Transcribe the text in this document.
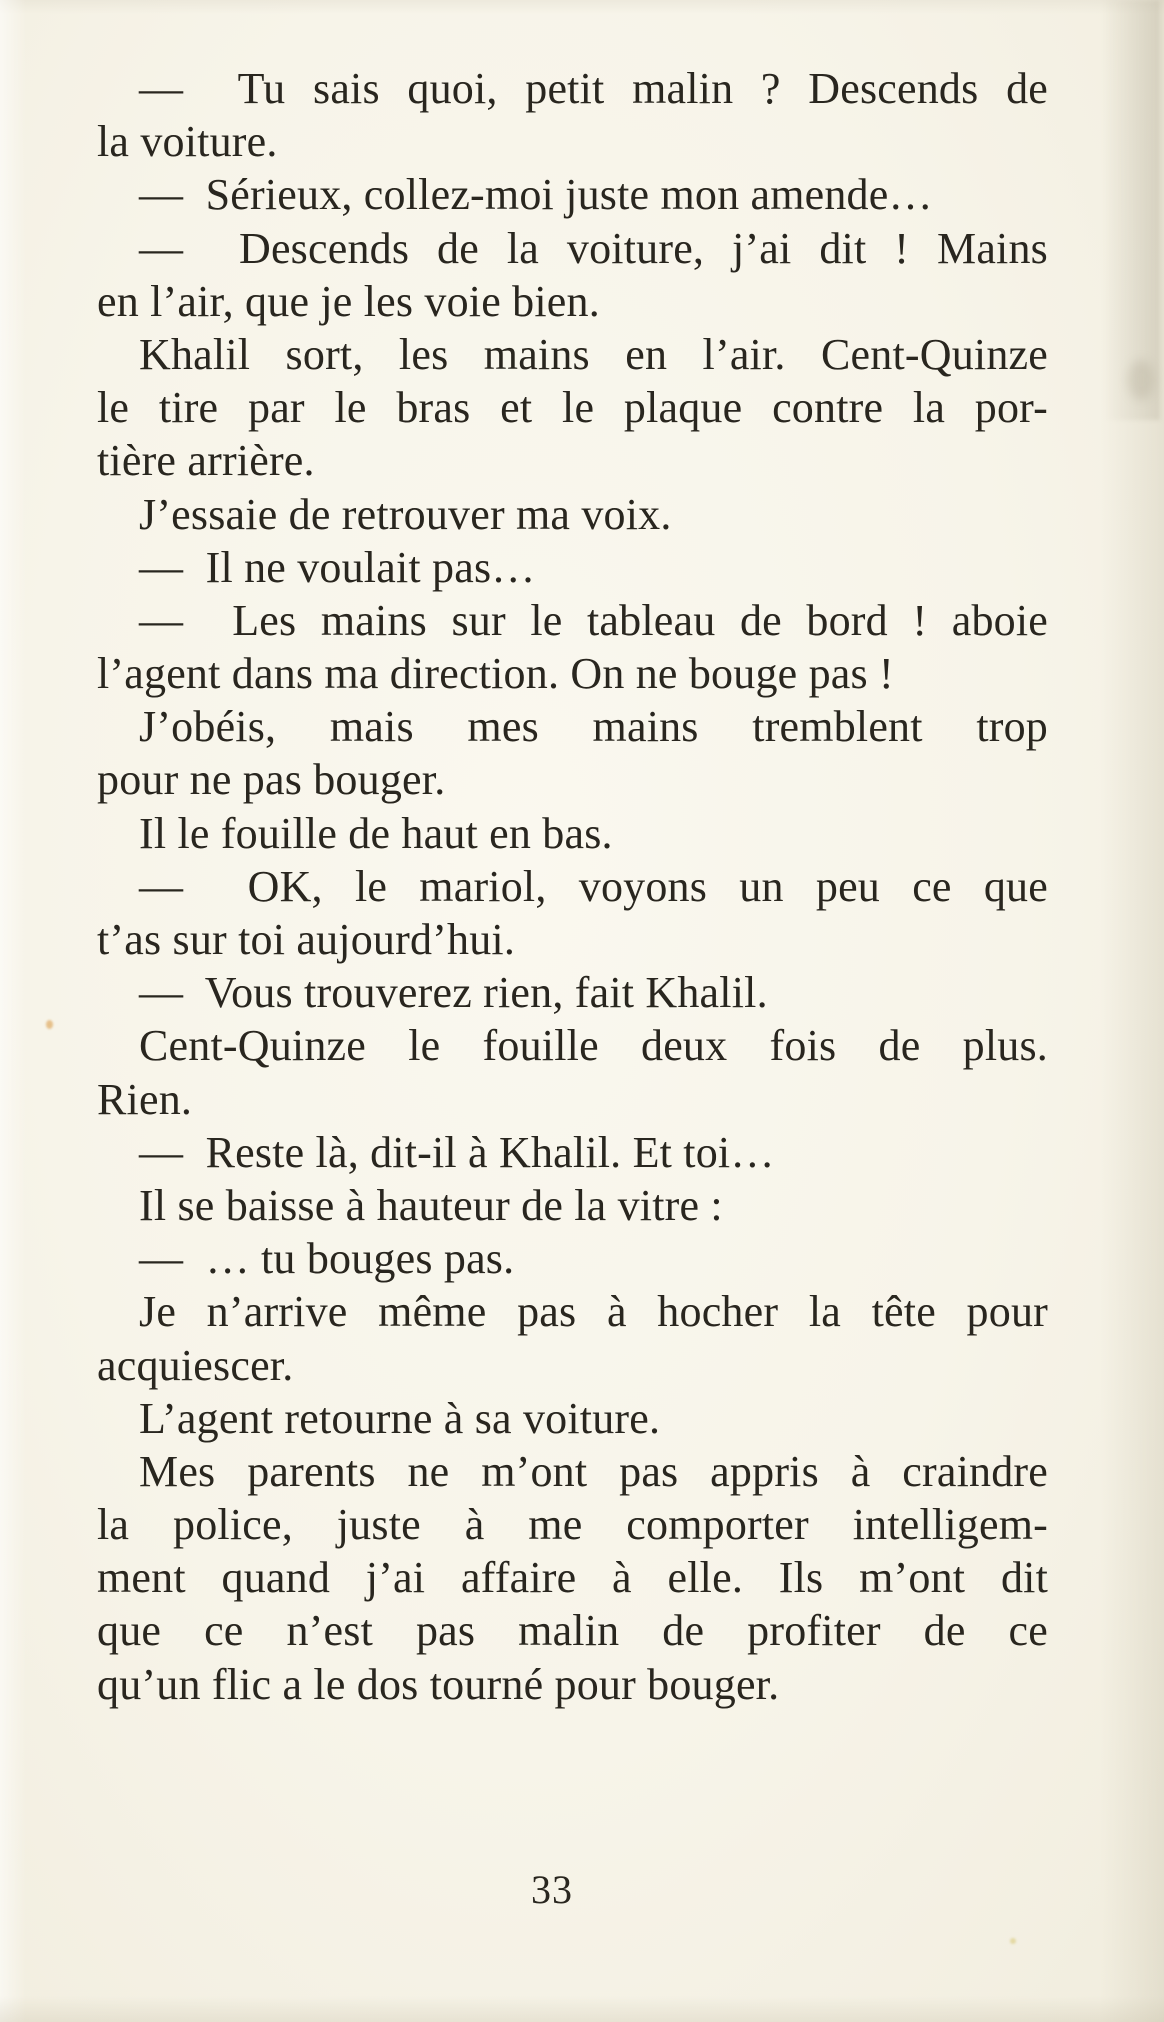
—  Tu sais quoi, petit malin ? Descends de
la voiture.
—  Sérieux, collez-moi juste mon amende…
—  Descends de la voiture, j’ai dit ! Mains
en l’air, que je les voie bien.
Khalil sort, les mains en l’air. Cent-Quinze
le tire par le bras et le plaque contre la por-
tière arrière.
J’essaie de retrouver ma voix.
—  Il ne voulait pas…
—  Les mains sur le tableau de bord ! aboie
l’agent dans ma direction. On ne bouge pas !
J’obéis, mais mes mains tremblent trop
pour ne pas bouger.
Il le fouille de haut en bas.
—  OK, le mariol, voyons un peu ce que
t’as sur toi aujourd’hui.
—  Vous trouverez rien, fait Khalil.
Cent-Quinze le fouille deux fois de plus.
Rien.
—  Reste là, dit-il à Khalil. Et toi…
Il se baisse à hauteur de la vitre :
—  … tu bouges pas.
Je n’arrive même pas à hocher la tête pour
acquiescer.
L’agent retourne à sa voiture.
Mes parents ne m’ont pas appris à craindre
la police, juste à me comporter intelligem-
ment quand j’ai affaire à elle. Ils m’ont dit
que ce n’est pas malin de profiter de ce
qu’un flic a le dos tourné pour bouger.
33
